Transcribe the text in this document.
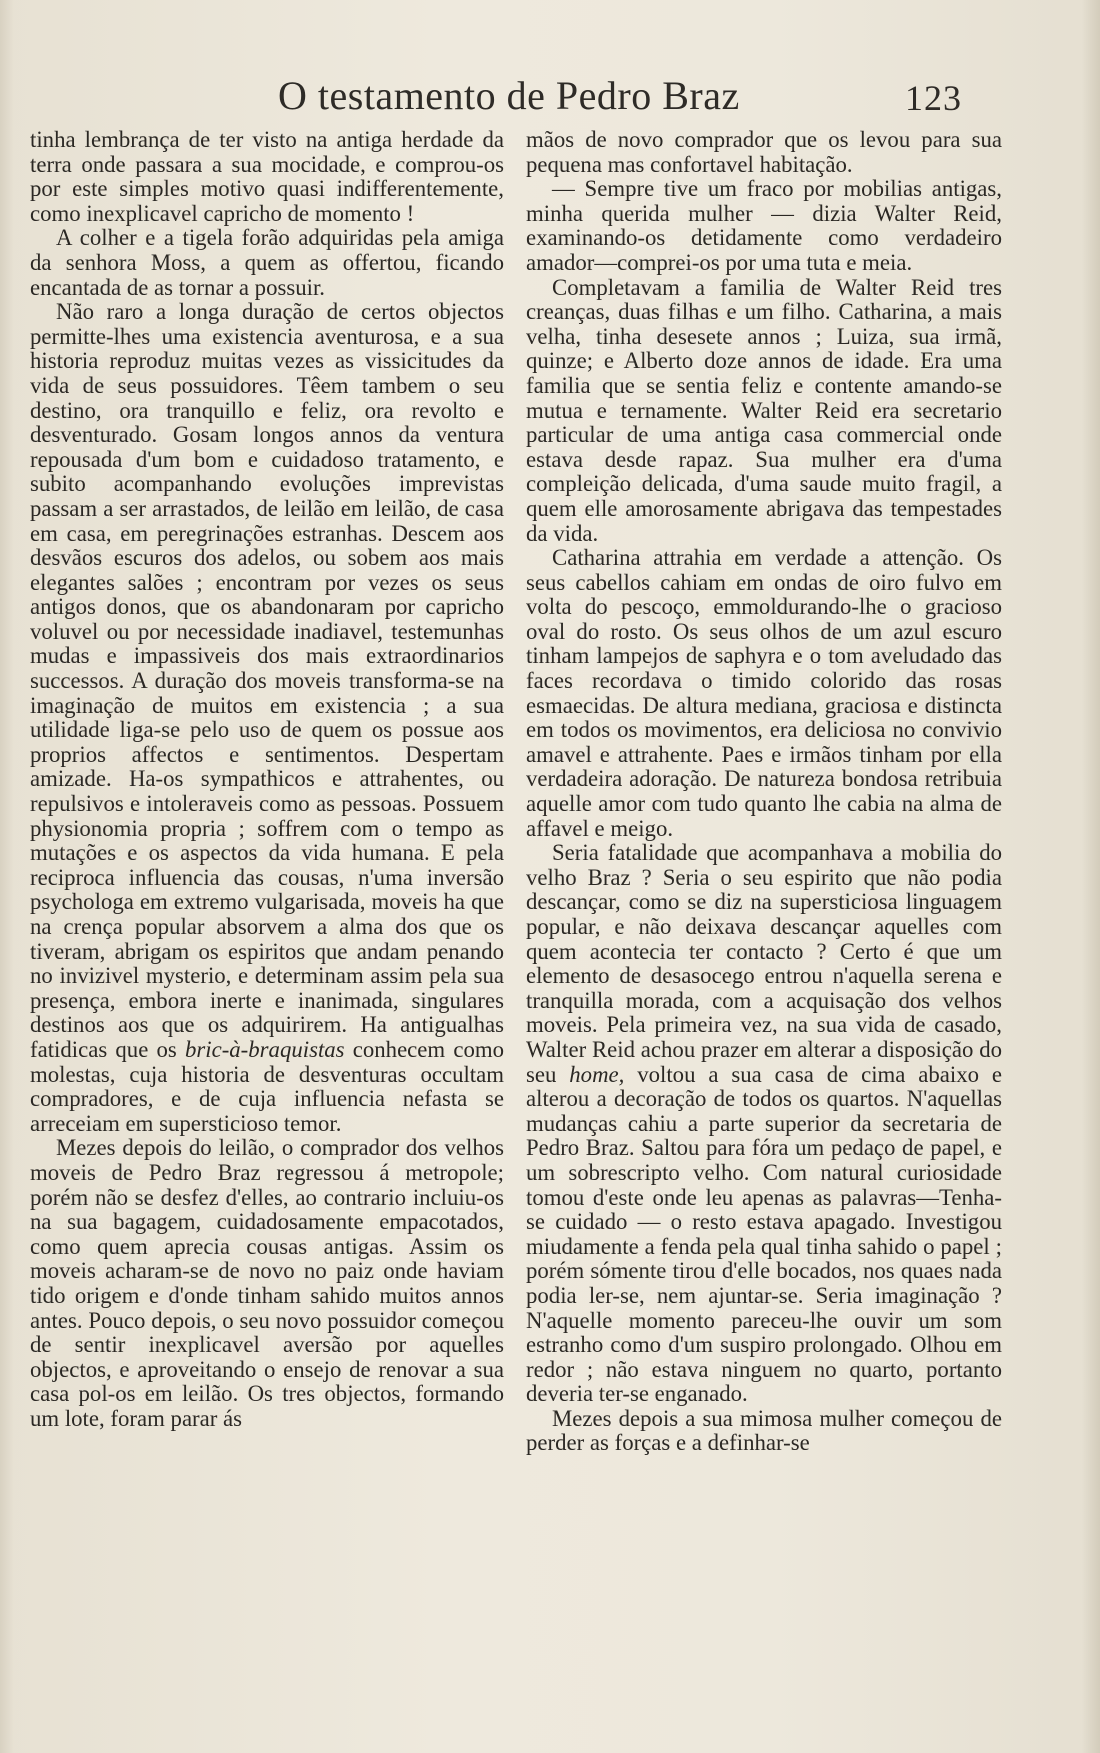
O testamento de Pedro Braz	123

tinha lembrança de ter visto na antiga herdade da terra onde passara a sua mocidade, e comprou-os por este simples motivo quasi indifferentemente, como inexplicavel capricho de momento !

A colher e a tigela forão adquiridas pela amiga da senhora Moss, a quem as offertou, ficando encantada de as tornar a possuir.

Não raro a longa duração de certos objectos permitte-lhes uma existencia aventurosa, e a sua historia reproduz muitas vezes as vissicitudes da vida de seus possuidores. Têem tambem o seu destino, ora tranquillo e feliz, ora revolto e desventurado. Gosam longos annos da ventura repousada d'um bom e cuidadoso tratamento, e subito acompanhando evoluções imprevistas passam a ser arrastados, de leilão em leilão, de casa em casa, em peregrinações estranhas. Descem aos desvãos escuros dos adelos, ou sobem aos mais elegantes salões ; encontram por vezes os seus antigos donos, que os abandonaram por capricho voluvel ou por necessidade inadiavel, testemunhas mudas e impassiveis dos mais extraordinarios successos. A duração dos moveis transforma-se na imaginação de muitos em existencia ; a sua utilidade liga-se pelo uso de quem os possue aos proprios affectos e sentimentos. Despertam amizade. Ha-os sympathicos e attrahentes, ou repulsivos e intoleraveis como as pessoas. Possuem physionomia propria ; soffrem com o tempo as mutações e os aspectos da vida humana. E pela reciproca influencia das cousas, n'uma inversão psychologa em extremo vulgarisada, moveis ha que na crença popular absorvem a alma dos que os tiveram, abrigam os espiritos que andam penando no invizivel mysterio, e determinam assim pela sua presença, embora inerte e inanimada, singulares destinos aos que os adquirirem. Ha antigualhas fatidicas que os bric-à-braquistas conhecem como molestas, cuja historia de desventuras occultam compradores, e de cuja influencia nefasta se arreceiam em supersticioso temor.

Mezes depois do leilão, o comprador dos velhos moveis de Pedro Braz regressou á metropole; porém não se desfez d'elles, ao contrario incluiu-os na sua bagagem, cuidadosamente empacotados, como quem aprecia cousas antigas. Assim os moveis acharam-se de novo no paiz onde haviam tido origem e d'onde tinham sahido muitos annos antes. Pouco depois, o seu novo possuidor começou de sentir inexplicavel aversão por aquelles objectos, e aproveitando o ensejo de renovar a sua casa pol-os em leilão. Os tres objectos, formando um lote, foram parar ás

mãos de novo comprador que os levou para sua pequena mas confortavel habitação.

— Sempre tive um fraco por mobilias antigas, minha querida mulher — dizia Walter Reid, examinando-os detidamente como verdadeiro amador—comprei-os por uma tuta e meia.

Completavam a familia de Walter Reid tres creanças, duas filhas e um filho. Catharina, a mais velha, tinha desesete annos ; Luiza, sua irmã, quinze; e Alberto doze annos de idade. Era uma familia que se sentia feliz e contente amando-se mutua e ternamente. Walter Reid era secretario particular de uma antiga casa commercial onde estava desde rapaz. Sua mulher era d'uma compleição delicada, d'uma saude muito fragil, a quem elle amorosamente abrigava das tempestades da vida.

Catharina attrahia em verdade a attenção. Os seus cabellos cahiam em ondas de oiro fulvo em volta do pescoço, emmoldurando-lhe o gracioso oval do rosto. Os seus olhos de um azul escuro tinham lampejos de saphyra e o tom aveludado das faces recordava o timido colorido das rosas esmaecidas. De altura mediana, graciosa e distincta em todos os movimentos, era deliciosa no convivio amavel e attrahente. Paes e irmãos tinham por ella verdadeira adoração. De natureza bondosa retribuia aquelle amor com tudo quanto lhe cabia na alma de affavel e meigo.

Seria fatalidade que acompanhava a mobilia do velho Braz ? Seria o seu espirito que não podia descançar, como se diz na supersticiosa linguagem popular, e não deixava descançar aquelles com quem acontecia ter contacto ? Certo é que um elemento de desasocego entrou n'aquella serena e tranquilla morada, com a acquisação dos velhos moveis. Pela primeira vez, na sua vida de casado, Walter Reid achou prazer em alterar a disposição do seu home, voltou a sua casa de cima abaixo e alterou a decoração de todos os quartos. N'aquellas mudanças cahiu a parte superior da secretaria de Pedro Braz. Saltou para fóra um pedaço de papel, e um sobrescripto velho. Com natural curiosidade tomou d'este onde leu apenas as palavras—Tenha-se cuidado — o resto estava apagado. Investigou miudamente a fenda pela qual tinha sahido o papel ; porém sómente tirou d'elle bocados, nos quaes nada podia ler-se, nem ajuntar-se. Seria imaginação ? N'aquelle momento pareceu-lhe ouvir um som estranho como d'um suspiro prolongado. Olhou em redor ; não estava ninguem no quarto, portanto deveria ter-se enganado.

Mezes depois a sua mimosa mulher começou de perder as forças e a definhar-se
